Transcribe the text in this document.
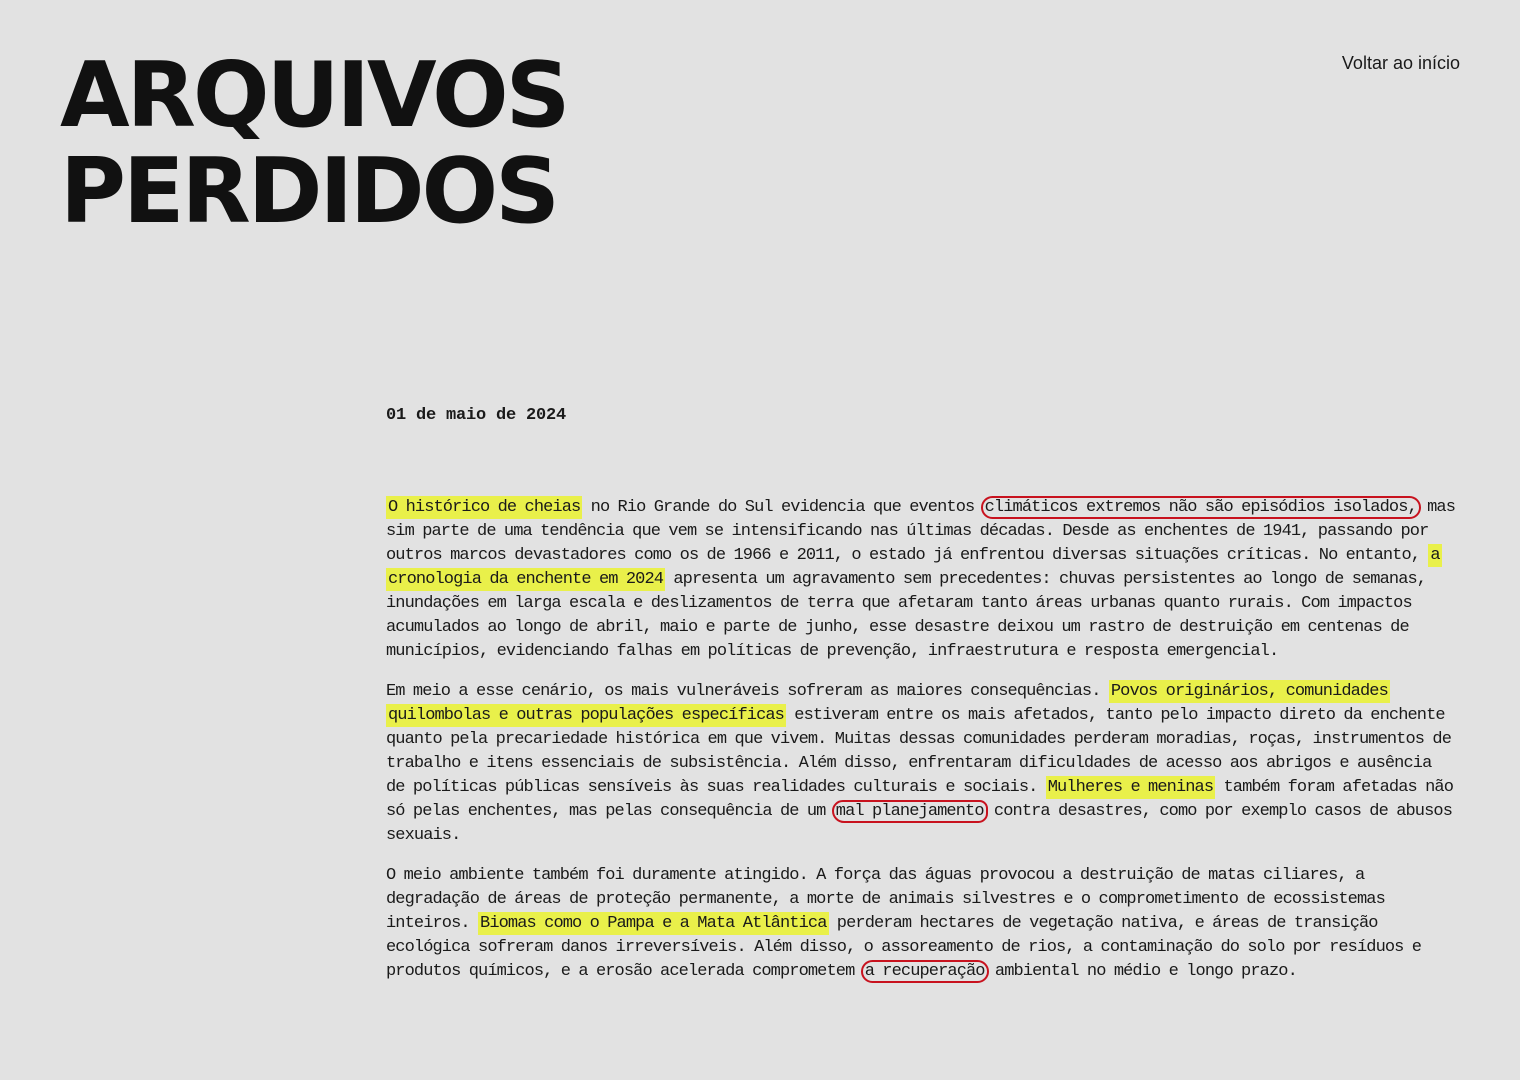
ARQUIVOS
PERDIDOS
Voltar ao início

01 de maio de 2024

O histórico de cheias no Rio Grande do Sul evidencia que eventos climáticos extremos não são episódios isolados, mas sim parte de uma tendência que vem se intensificando nas últimas décadas. Desde as enchentes de 1941, passando por outros marcos devastadores como os de 1966 e 2011, o estado já enfrentou diversas situações críticas. No entanto, a cronologia da enchente em 2024 apresenta um agravamento sem precedentes: chuvas persistentes ao longo de semanas, inundações em larga escala e deslizamentos de terra que afetaram tanto áreas urbanas quanto rurais. Com impactos acumulados ao longo de abril, maio e parte de junho, esse desastre deixou um rastro de destruição em centenas de municípios, evidenciando falhas em políticas de prevenção, infraestrutura e resposta emergencial.

Em meio a esse cenário, os mais vulneráveis sofreram as maiores consequências. Povos originários, comunidades quilombolas e outras populações específicas estiveram entre os mais afetados, tanto pelo impacto direto da enchente quanto pela precariedade histórica em que vivem. Muitas dessas comunidades perderam moradias, roças, instrumentos de trabalho e itens essenciais de subsistência. Além disso, enfrentaram dificuldades de acesso aos abrigos e ausência de políticas públicas sensíveis às suas realidades culturais e sociais. Mulheres e meninas também foram afetadas não só pelas enchentes, mas pelas consequência de um mal planejamento contra desastres, como por exemplo casos de abusos sexuais.

O meio ambiente também foi duramente atingido. A força das águas provocou a destruição de matas ciliares, a degradação de áreas de proteção permanente, a morte de animais silvestres e o comprometimento de ecossistemas inteiros. Biomas como o Pampa e a Mata Atlântica perderam hectares de vegetação nativa, e áreas de transição ecológica sofreram danos irreversíveis. Além disso, o assoreamento de rios, a contaminação do solo por resíduos e produtos químicos, e a erosão acelerada comprometem a recuperação ambiental no médio e longo prazo.
